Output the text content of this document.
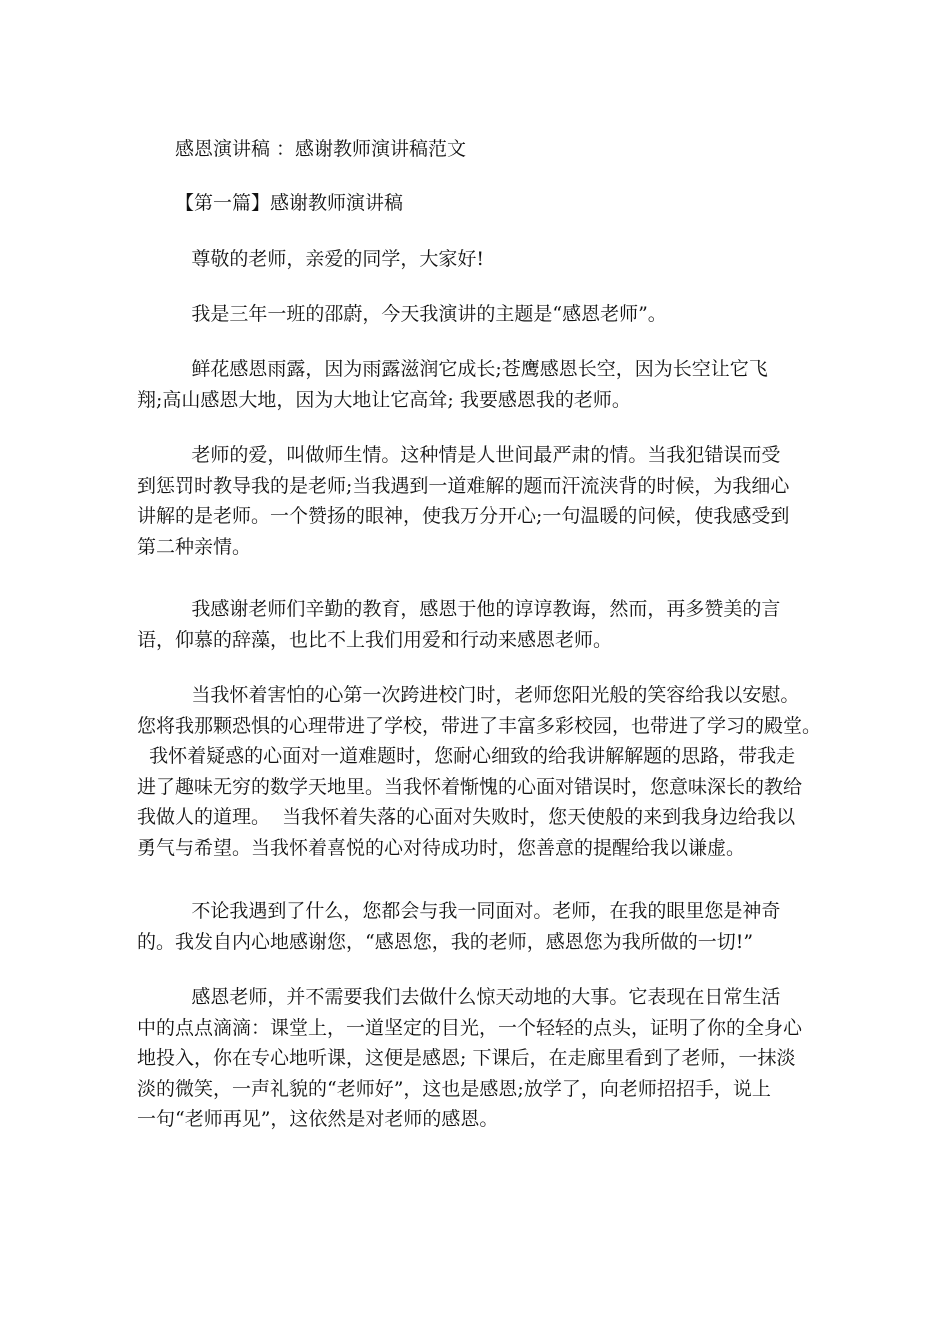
感恩演讲稿 ：感谢教师演讲稿范文
【第一篇】感谢教师演讲稿
尊敬的老师，亲爱的同学，大家好!
我是三年一班的邵蔚，今天我演讲的主题是“感恩老师”。
鲜花感恩雨露，因为雨露滋润它成长;苍鹰感恩长空，因为长空让它飞
翔;高山感恩大地，因为大地让它高耸; 我要感恩我的老师。
老师的爱，叫做师生情。这种情是人世间最严肃的情。当我犯错误而受
到惩罚时教导我的是老师;当我遇到一道难解的题而汗流浃背的时候，为我细心
讲解的是老师。一个赞扬的眼神，使我万分开心;一句温暖的问候，使我感受到
第二种亲情。
我感谢老师们辛勤的教育，感恩于他的谆谆教诲，然而，再多赞美的言
语，仰慕的辞藻，也比不上我们用爱和行动来感恩老师。
当我怀着害怕的心第一次跨进校门时，老师您阳光般的笑容给我以安慰。
您将我那颗恐惧的心理带进了学校，带进了丰富多彩校园，也带进了学习的殿堂。
我怀着疑惑的心面对一道难题时，您耐心细致的给我讲解解题的思路，带我走
进了趣味无穷的数学天地里。当我怀着惭愧的心面对错误时，您意味深长的教给
我做人的道理。  当我怀着失落的心面对失败时，您天使般的来到我身边给我以
勇气与希望。当我怀着喜悦的心对待成功时，您善意的提醒给我以谦虚。
不论我遇到了什么，您都会与我一同面对。老师，在我的眼里您是神奇
的。我发自内心地感谢您，“感恩您，我的老师，感恩您为我所做的一切!”
感恩老师，并不需要我们去做什么惊天动地的大事。它表现在日常生活
中的点点滴滴：课堂上，一道坚定的目光，一个轻轻的点头，证明了你的全身心
地投入，你在专心地听课，这便是感恩; 下课后，在走廊里看到了老师，一抹淡
淡的微笑，一声礼貌的“老师好”，这也是感恩;放学了，向老师招招手，说上
一句“老师再见”，这依然是对老师的感恩。
